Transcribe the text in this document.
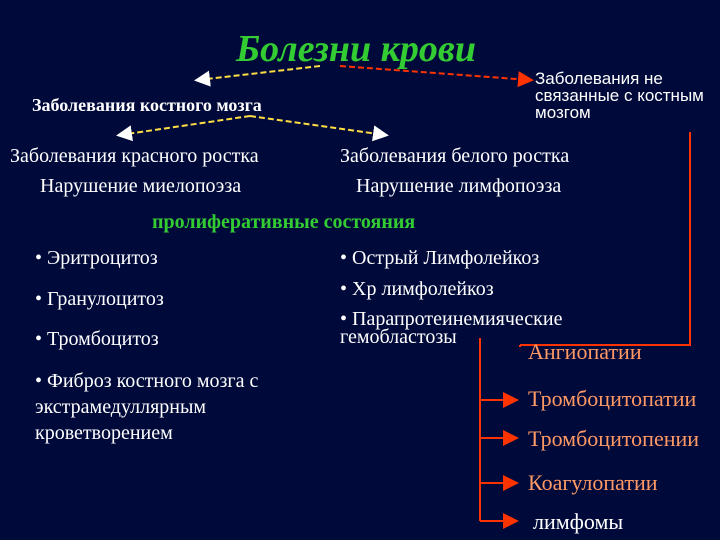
Болезни крови
Заболевания костного мозга
Заболевания не связанные с костным мозгом
Заболевания красного ростка
Нарушение миелопоэза
Заболевания белого ростка
Нарушение лимфопоэза
пролиферативные состояния
• Эритроцитоз
• Гранулоцитоз
• Тромбоцитоз
• Фиброз костного мозга с экстрамедуллярным кроветворением
• Острый Лимфолейкоз
• Хр лимфолейкоз
• Парапротеинемияческие гемобластозы
Ангиопатии
Тромбоцитопатии
Тромбоцитопении
Коагулопатии
лимфомы
